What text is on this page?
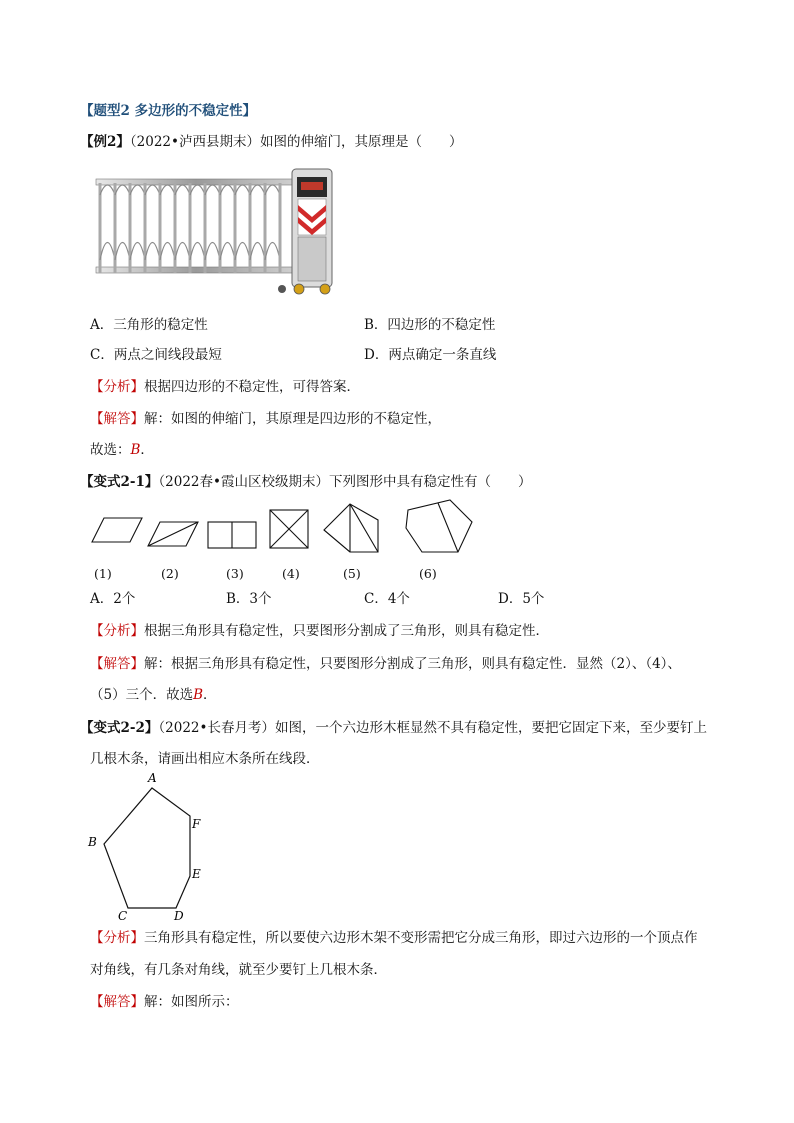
【题型2 多边形的不稳定性】
【例2】（2022•泸西县期末）如图的伸缩门，其原理是（　　）
A．三角形的稳定性	B．四边形的不稳定性
C．两点之间线段最短	D．两点确定一条直线
【分析】根据四边形的不稳定性，可得答案．
【解答】解：如图的伸缩门，其原理是四边形的不稳定性，
故选：B．
【变式2-1】（2022春•霞山区校级期末）下列图形中具有稳定性有（　　）
(1)	(2)	(3)	(4)	(5)	(6)
A．2个	B．3个	C．4个	D．5个
【分析】根据三角形具有稳定性，只要图形分割成了三角形，则具有稳定性．
【解答】解：根据三角形具有稳定性，只要图形分割成了三角形，则具有稳定性．显然（2）、（4）、
（5）三个．故选B．
【变式2-2】（2022•长春月考）如图，一个六边形木框显然不具有稳定性，要把它固定下来，至少要钉上
几根木条，请画出相应木条所在线段．
A
B
C	D
E
F
【分析】三角形具有稳定性，所以要使六边形木架不变形需把它分成三角形，即过六边形的一个顶点作
对角线，有几条对角线，就至少要钉上几根木条．
【解答】解：如图所示：
